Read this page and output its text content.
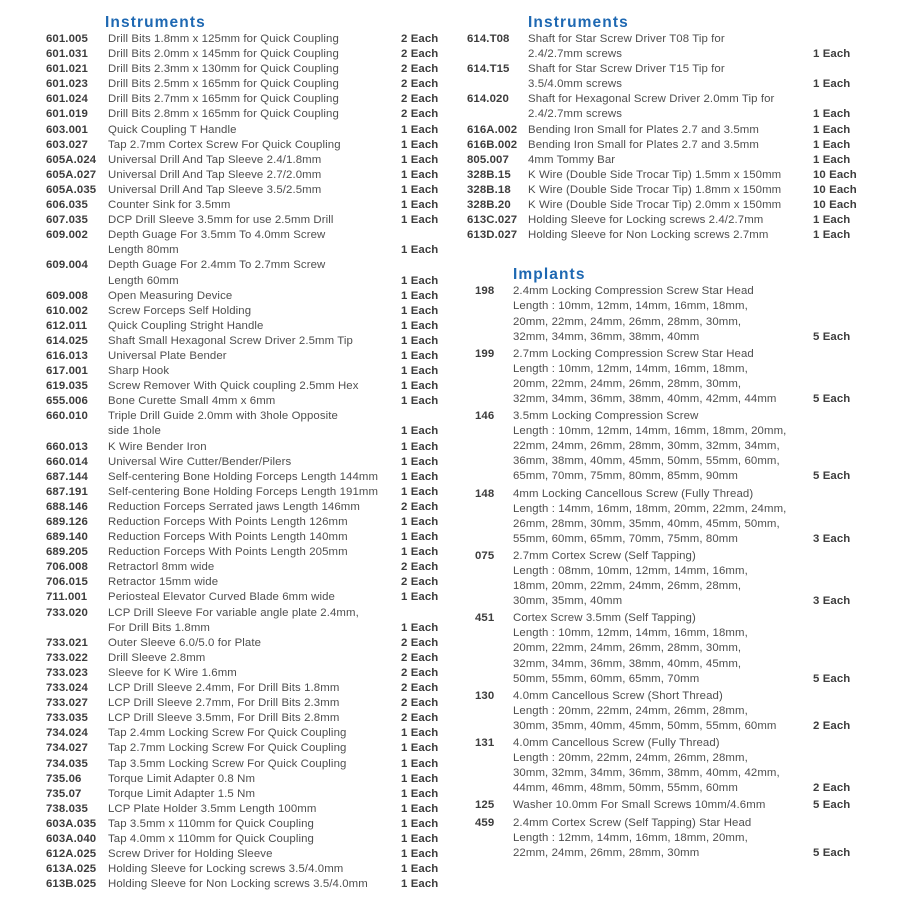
Instruments
601.005	Drill Bits 1.8mm x 125mm for Quick Coupling	2 Each
601.031	Drill Bits 2.0mm x 145mm for Quick Coupling	2 Each
601.021	Drill Bits 2.3mm x 130mm for Quick Coupling	2 Each
601.023	Drill Bits 2.5mm x 165mm for Quick Coupling	2 Each
601.024	Drill Bits 2.7mm x 165mm for Quick Coupling	2 Each
601.019	Drill Bits 2.8mm x 165mm for Quick Coupling	2 Each
603.001	Quick Coupling T Handle	1 Each
603.027	Tap 2.7mm Cortex Screw For Quick Coupling	1 Each
605A.024	Universal Drill And Tap Sleeve 2.4/1.8mm	1 Each
605A.027	Universal Drill And Tap Sleeve 2.7/2.0mm	1 Each
605A.035	Universal Drill And Tap Sleeve 3.5/2.5mm	1 Each
606.035	Counter Sink for 3.5mm	1 Each
607.035	DCP Drill Sleeve 3.5mm for use 2.5mm Drill	1 Each
609.002	Depth Guage For 3.5mm To 4.0mm Screw
Length 80mm	1 Each
609.004	Depth Guage For 2.4mm To 2.7mm Screw
Length 60mm	1 Each
609.008	Open Measuring Device	1 Each
610.002	Screw Forceps Self Holding	1 Each
612.011	Quick Coupling Stright Handle	1 Each
614.025	Shaft Small Hexagonal Screw Driver 2.5mm Tip	1 Each
616.013	Universal Plate Bender	1 Each
617.001	Sharp Hook	1 Each
619.035	Screw Remover With Quick coupling 2.5mm Hex	1 Each
655.006	Bone Curette Small 4mm x 6mm	1 Each
660.010	Triple Drill Guide 2.0mm with 3hole Opposite
side 1hole	1 Each
660.013	K Wire Bender Iron	1 Each
660.014	Universal Wire Cutter/Bender/Pilers	1 Each
687.144	Self-centering Bone Holding Forceps Length 144mm	1 Each
687.191	Self-centering Bone Holding Forceps Length 191mm	1 Each
688.146	Reduction Forceps Serrated jaws Length 146mm	2 Each
689.126	Reduction Forceps With Points Length 126mm	1 Each
689.140	Reduction Forceps With Points Length 140mm	1 Each
689.205	Reduction Forceps With Points Length 205mm	1 Each
706.008	Retractorl 8mm wide	2 Each
706.015	Retractor 15mm wide	2 Each
711.001	Periosteal Elevator Curved Blade 6mm wide	1 Each
733.020	LCP Drill Sleeve For variable angle plate 2.4mm,
For Drill Bits 1.8mm	1 Each
733.021	Outer Sleeve 6.0/5.0 for Plate	2 Each
733.022	Drill Sleeve 2.8mm	2 Each
733.023	Sleeve for K Wire 1.6mm	2 Each
733.024	LCP Drill Sleeve 2.4mm, For Drill Bits 1.8mm	2 Each
733.027	LCP Drill Sleeve 2.7mm, For Drill Bits 2.3mm	2 Each
733.035	LCP Drill Sleeve 3.5mm, For Drill Bits 2.8mm	2 Each
734.024	Tap 2.4mm Locking Screw For Quick Coupling	1 Each
734.027	Tap 2.7mm Locking Screw For Quick Coupling	1 Each
734.035	Tap 3.5mm Locking Screw For Quick Coupling	1 Each
735.06	Torque Limit Adapter 0.8 Nm	1 Each
735.07	Torque Limit Adapter 1.5 Nm	1 Each
738.035	LCP Plate Holder 3.5mm Length 100mm	1 Each
603A.035	Tap 3.5mm x 110mm for Quick Coupling	1 Each
603A.040	Tap 4.0mm x 110mm for Quick Coupling	1 Each
612A.025	Screw Driver for Holding Sleeve	1 Each
613A.025	Holding Sleeve for Locking screws 3.5/4.0mm	1 Each
613B.025	Holding Sleeve for Non Locking screws 3.5/4.0mm	1 Each
Instruments
614.T08	Shaft for Star Screw Driver T08 Tip for
2.4/2.7mm screws	1 Each
614.T15	Shaft for Star Screw Driver T15 Tip for
3.5/4.0mm screws	1 Each
614.020	Shaft for Hexagonal Screw Driver 2.0mm Tip for
2.4/2.7mm screws	1 Each
616A.002 Bending Iron Small for Plates 2.7 and 3.5mm	1 Each
616B.002 Bending Iron Small for Plates 2.7 and 3.5mm	1 Each
805.007	4mm Tommy Bar	1 Each
328B.15	K Wire (Double Side Trocar Tip) 1.5mm x 150mm	10 Each
328B.18	K Wire (Double Side Trocar Tip) 1.8mm x 150mm	10 Each
328B.20	K Wire (Double Side Trocar Tip) 2.0mm x 150mm	10 Each
613C.027 Holding Sleeve for Locking screws 2.4/2.7mm	1 Each
613D.027 Holding Sleeve for Non Locking screws 2.7mm	1 Each
Implants
198	2.4mm Locking Compression Screw Star Head
Length : 10mm, 12mm, 14mm, 16mm, 18mm,
20mm, 22mm, 24mm, 26mm, 28mm, 30mm,
32mm, 34mm, 36mm, 38mm, 40mm	5 Each
199	2.7mm Locking Compression Screw Star Head
Length : 10mm, 12mm, 14mm, 16mm, 18mm,
20mm, 22mm, 24mm, 26mm, 28mm, 30mm,
32mm, 34mm, 36mm, 38mm, 40mm, 42mm, 44mm	5 Each
146	3.5mm Locking Compression Screw
Length : 10mm, 12mm, 14mm, 16mm, 18mm, 20mm,
22mm, 24mm, 26mm, 28mm, 30mm, 32mm, 34mm,
36mm, 38mm, 40mm, 45mm, 50mm, 55mm, 60mm,
65mm, 70mm, 75mm, 80mm, 85mm, 90mm	5 Each
148	4mm Locking Cancellous Screw (Fully Thread)
Length : 14mm, 16mm, 18mm, 20mm, 22mm, 24mm,
26mm, 28mm, 30mm, 35mm, 40mm, 45mm, 50mm,
55mm, 60mm, 65mm, 70mm, 75mm, 80mm	3 Each
075	2.7mm Cortex Screw (Self Tapping)
Length : 08mm, 10mm, 12mm, 14mm, 16mm,
18mm, 20mm, 22mm, 24mm, 26mm, 28mm,
30mm, 35mm, 40mm	3 Each
451	Cortex Screw 3.5mm (Self Tapping)
Length : 10mm, 12mm, 14mm, 16mm, 18mm,
20mm, 22mm, 24mm, 26mm, 28mm, 30mm,
32mm, 34mm, 36mm, 38mm, 40mm, 45mm,
50mm, 55mm, 60mm, 65mm, 70mm	5 Each
130	4.0mm Cancellous Screw (Short Thread)
Length : 20mm, 22mm, 24mm, 26mm, 28mm,
30mm, 35mm, 40mm, 45mm, 50mm, 55mm, 60mm	2 Each
131	4.0mm Cancellous Screw (Fully Thread)
Length : 20mm, 22mm, 24mm, 26mm, 28mm,
30mm, 32mm, 34mm, 36mm, 38mm, 40mm, 42mm,
44mm, 46mm, 48mm, 50mm, 55mm, 60mm	2 Each
125	Washer 10.0mm For Small Screws 10mm/4.6mm	5 Each
459	2.4mm Cortex Screw (Self Tapping) Star Head
Length : 12mm, 14mm, 16mm, 18mm, 20mm,
22mm, 24mm, 26mm, 28mm, 30mm	5 Each
